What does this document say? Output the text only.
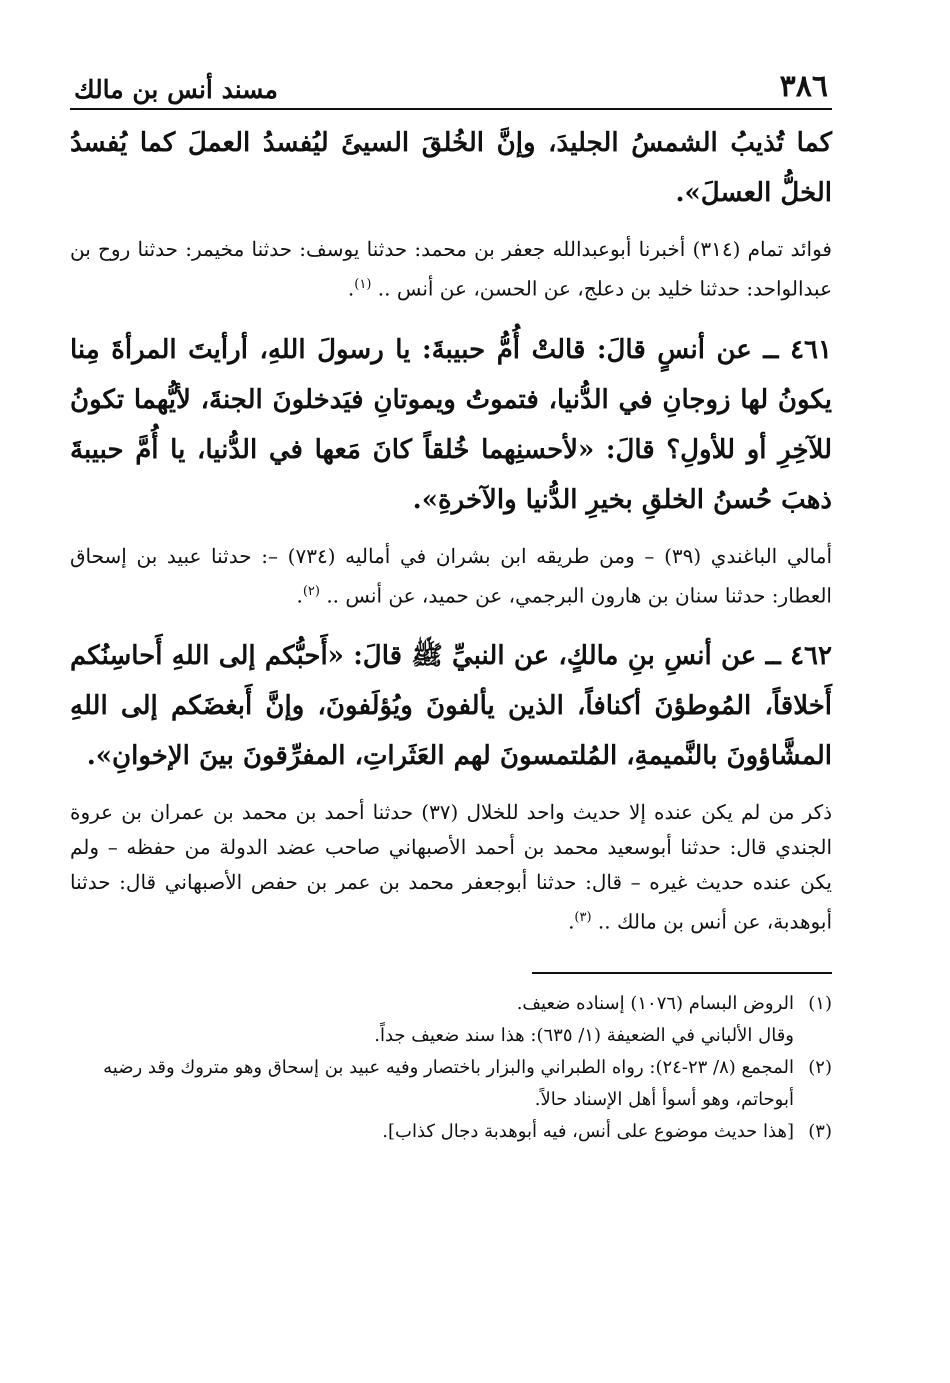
٣٨٦
مسند أنس بن مالك

كما تُذيبُ الشمسُ الجليدَ، وإنَّ الخُلقَ السيئَ ليُفسدُ العملَ كما يُفسدُ الخلُّ العسلَ».

فوائد تمام (٣١٤) أخبرنا أبوعبدالله جعفر بن محمد: حدثنا يوسف: حدثنا مخيمر: حدثنا روح بن عبدالواحد: حدثنا خليد بن دعلج، عن الحسن، عن أنس .. $^{(١)}$.

٤٦١ ــ عن أنسٍ قالَ: قالتْ أُمُّ حبيبةَ: يا رسولَ اللهِ، أرأيتَ المرأةَ مِنا يكونُ لها زوجانِ في الدُّنيا، فتموتُ ويموتانِ فيَدخلونَ الجنةَ، لأيُّهما تكونُ للآخِرِ أو للأولِ؟ قالَ: «لأحسنِهما خُلقاً كانَ مَعها في الدُّنيا، يا أُمَّ حبيبةَ ذهبَ حُسنُ الخلقِ بخيرِ الدُّنيا والآخرةِ».

أمالي الباغندي (٣٩) – ومن طريقه ابن بشران في أماليه (٧٣٤) –: حدثنا عبيد بن إسحاق العطار: حدثنا سنان بن هارون البرجمي، عن حميد، عن أنس .. $^{(٢)}$.

٤٦٢ ــ عن أنسِ بنِ مالكٍ، عن النبيِّ ﷺ قالَ: «أَحبُّكم إلى اللهِ أَحاسِنُكم أَخلاقاً، المُوطؤنَ أكنافاً، الذين يألفونَ ويُؤلَفونَ، وإنَّ أَبغضَكم إلى اللهِ المشَّاؤونَ بالنَّميمةِ، المُلتمسونَ لهم العَثَراتِ، المفرِّقونَ بينَ الإخوانِ».

ذكر من لم يكن عنده إلا حديث واحد للخلال (٣٧) حدثنا أحمد بن محمد بن عمران بن عروة الجندي قال: حدثنا أبوسعيد محمد بن أحمد الأصبهاني صاحب عضد الدولة من حفظه – ولم يكن عنده حديث غيره – قال: حدثنا أبوجعفر محمد بن عمر بن حفص الأصبهاني قال: حدثنا أبوهدبة، عن أنس بن مالك .. $^{(٣)}$.

(١)
الروض البسام (١٠٧٦) إسناده ضعيف.
وقال الألباني في الضعيفة (١/ ٦٣٥): هذا سند ضعيف جداً.
(٢)
المجمع (٨/ ٢٣-٢٤): رواه الطبراني والبزار باختصار وفيه عبيد بن إسحاق وهو متروك وقد رضيه أبوحاتم، وهو أسوأ أهل الإسناد حالاً.
(٣)
[هذا حديث موضوع على أنس، فيه أبوهدبة دجال كذاب].
